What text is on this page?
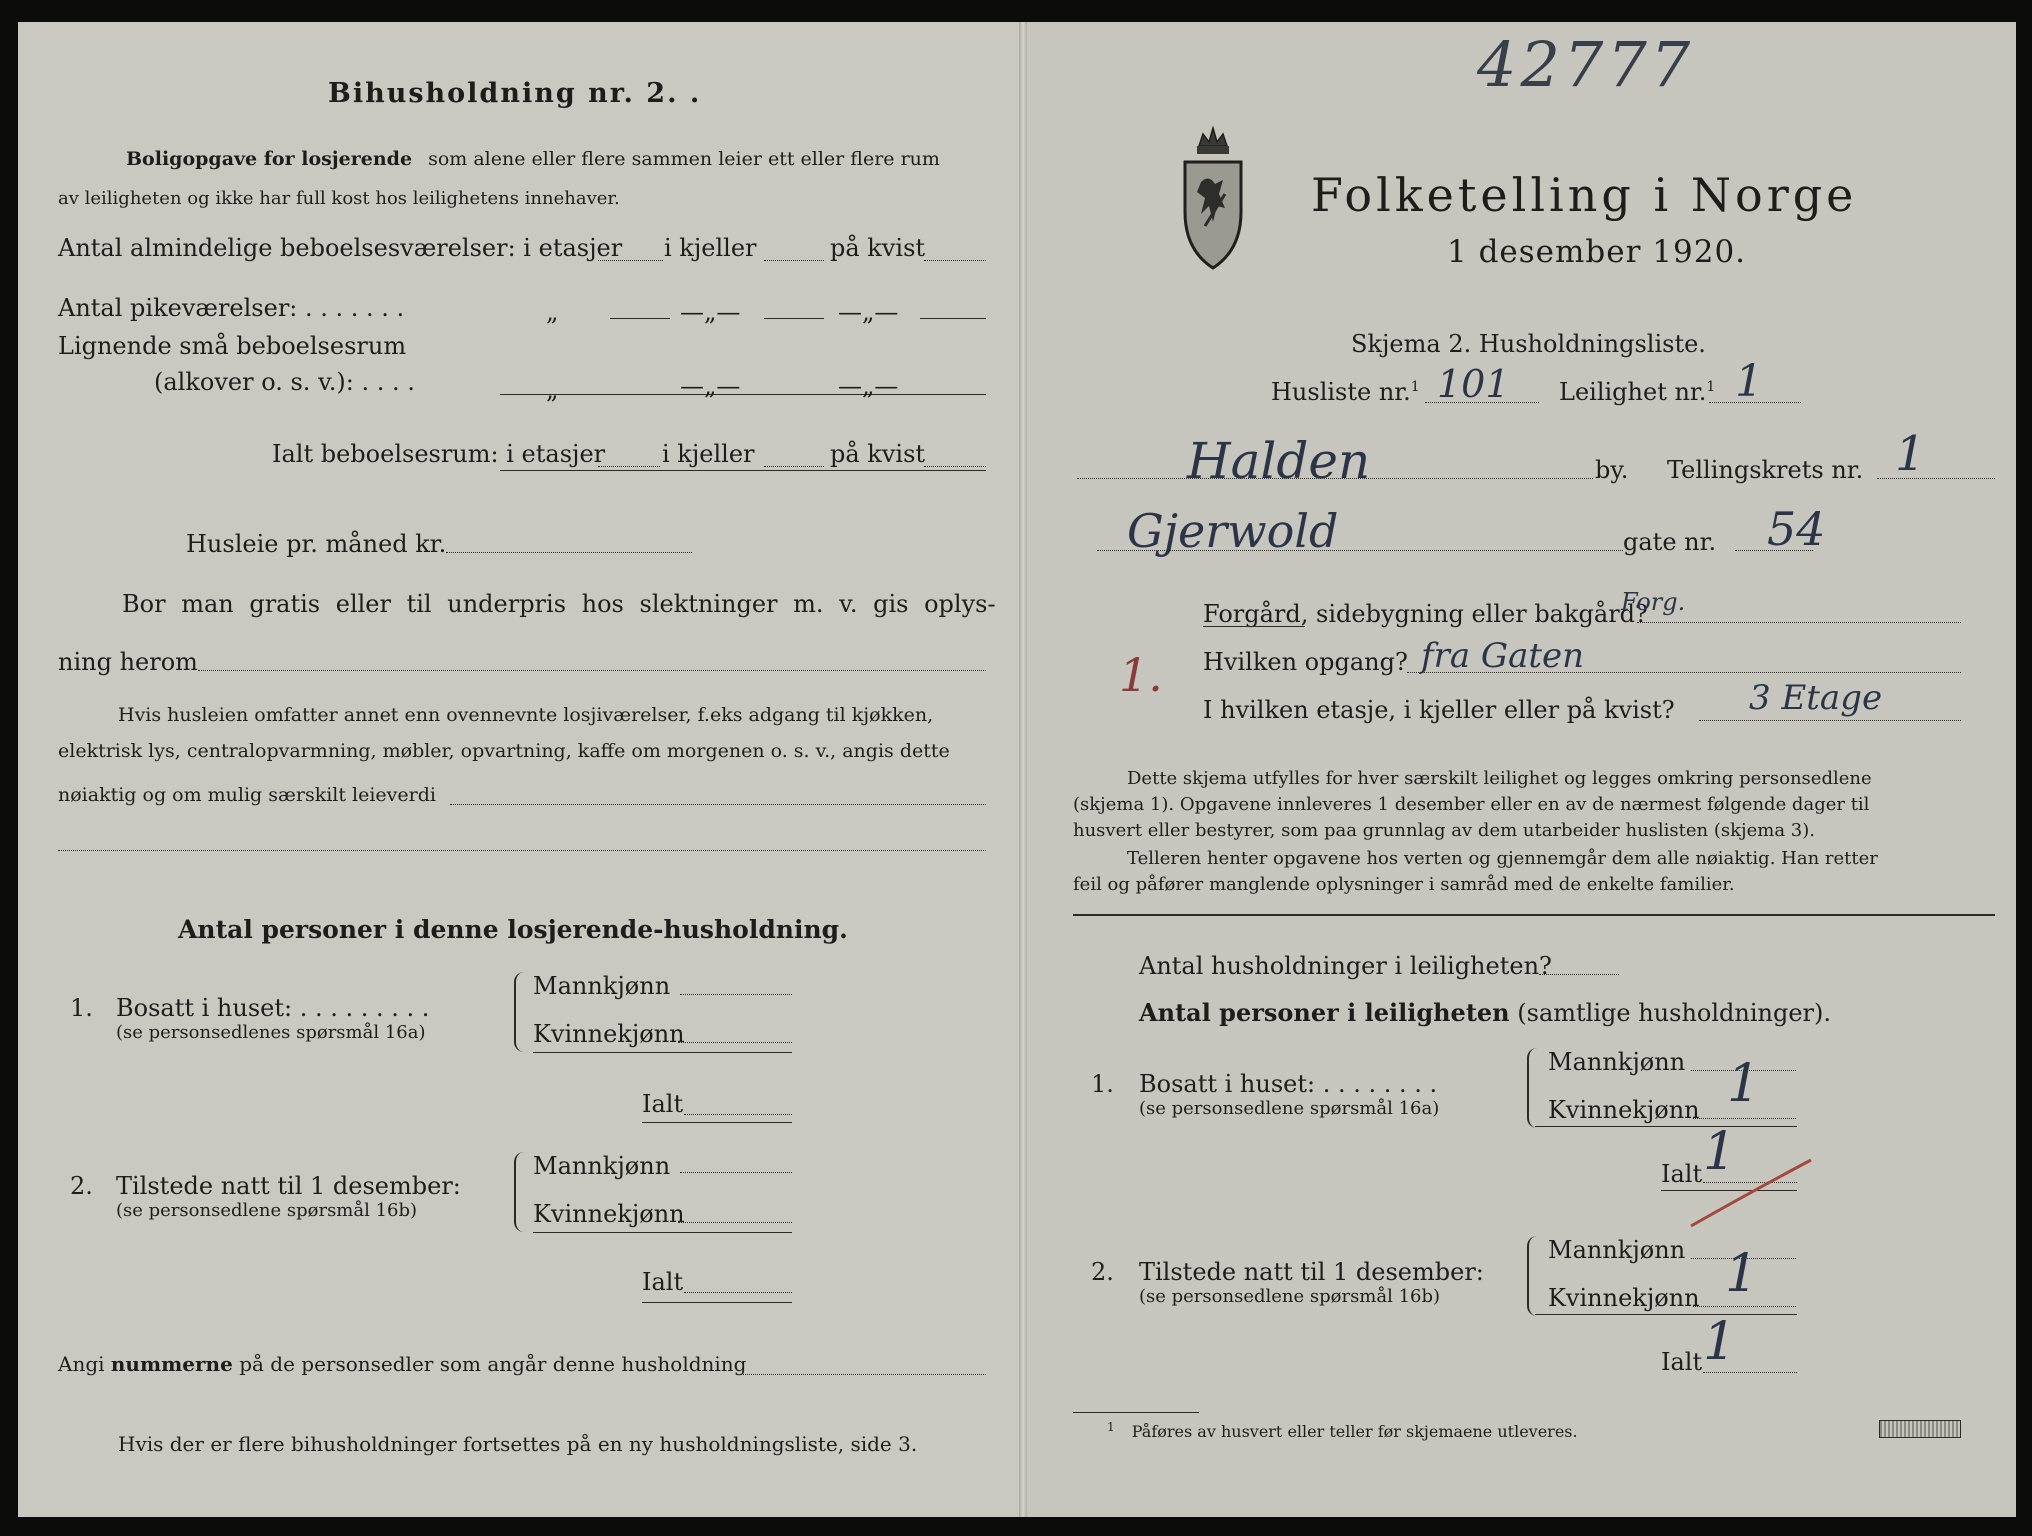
Bihusholdning nr. 2. .
Boligopgave for losjerende som alene eller flere sammen leier ett eller flere rum
av leiligheten og ikke har full kost hos leilighetens innehaver.
Antal almindelige beboelsesværelser: i etasjer i kjeller	på kvist
Antal pikeværelser: . . . . . . .	„	—„—	—„—
Lignende små beboelsesrum
(alkover o. s. v.): . . . .	„	—„—	—„—
Ialt beboelsesrum: i etasjer i kjeller	på kvist
Husleie pr. måned kr.
Bor man gratis eller til underpris hos slektninger m. v. gis oplys-
ning herom
Hvis husleien omfatter annet enn ovennevnte losjiværelser, f.eks adgang til kjøkken,
elektrisk lys, centralopvarmning, møbler, opvartning, kaffe om morgenen o. s. v., angis dette
nøiaktig og om mulig særskilt leieverdi
Antal personer i denne losjerende-husholdning.
1. Bosatt i huset: . . . . . . . . .
(se personsedlenes spørsmål 16a)
Mannkjønn
Kvinnekjønn
Ialt
2. Tilstede natt til 1 desember:
(se personsedlene spørsmål 16b)
Mannkjønn
Kvinnekjønn
Ialt
Angi nummerne på de personsedler som angår denne husholdning
Hvis der er flere bihusholdninger fortsettes på en ny husholdningsliste, side 3.
42777
Folketelling i Norge
1 desember 1920.
Skjema 2. Husholdningsliste.
Husliste nr.$^1$ 101 Leilighet nr.$^1$ 1
Halden	by. Tellingskrets nr. 1
Gjerwold	gate nr. 54
1.
Forgård, sidebygning eller bakgård?
Forg.
Hvilken opgang? fra Gaten
I hvilken etasje, i kjeller eller på kvist? 3 Etage
Dette skjema utfylles for hver særskilt leilighet og legges omkring personsedlene
(skjema 1). Opgavene innleveres 1 desember eller en av de nærmest følgende dager til
husvert eller bestyrer, som paa grunnlag av dem utarbeider huslisten (skjema 3).
Telleren henter opgavene hos verten og gjennemgår dem alle nøiaktig. Han retter
feil og påfører manglende oplysninger i samråd med de enkelte familier.
Antal husholdninger i leiligheten?
Antal personer i leiligheten (samtlige husholdninger).
1. Bosatt i huset: . . . . . . . .
(se personsedlene spørsmål 16a)
Mannkjønn
Kvinnekjønn 1
Ialt 1
2. Tilstede natt til 1 desember:
(se personsedlene spørsmål 16b)
Mannkjønn
Kvinnekjønn 1
Ialt 1
$^1$ Påføres av husvert eller teller før skjemaene utleveres.
